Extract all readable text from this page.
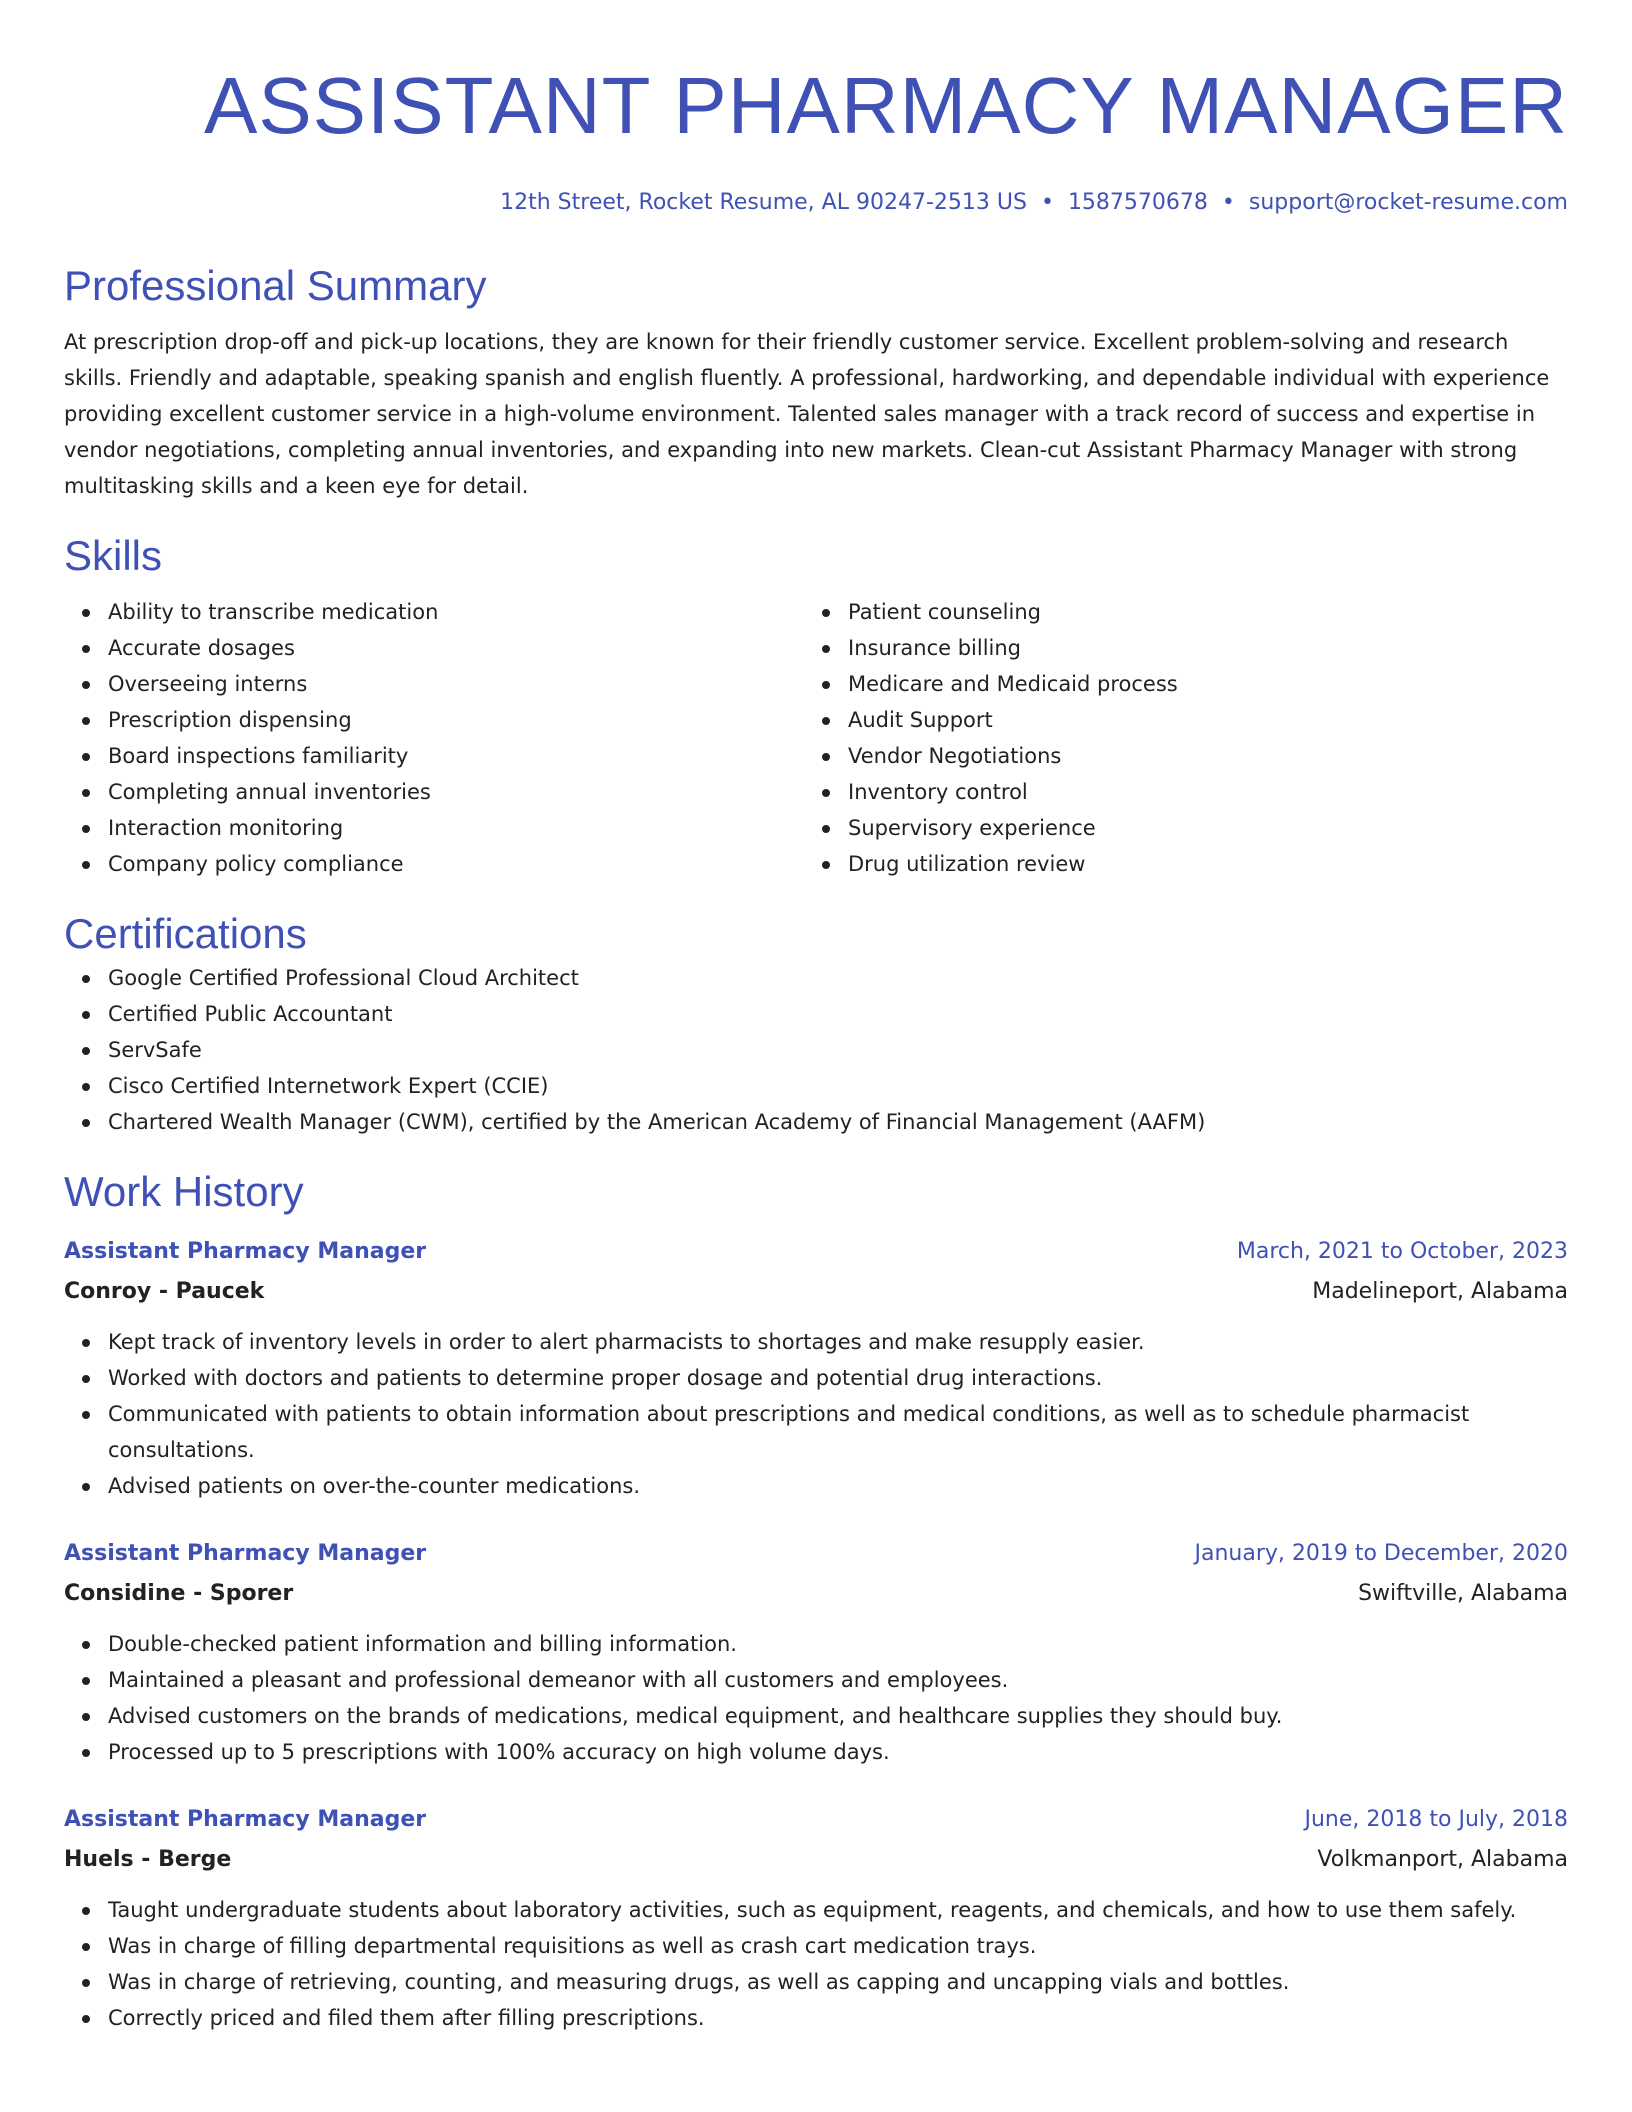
ASSISTANT PHARMACY MANAGER
12th Street, Rocket Resume, AL 90247-2513 US • 1587570678 • support@rocket-resume.com
Professional Summary

At prescription drop-off and pick-up locations, they are known for their friendly customer service. Excellent problem-solving and research skills. Friendly and adaptable, speaking spanish and english fluently. A professional, hardworking, and dependable individual with experience providing excellent customer service in a high-volume environment. Talented sales manager with a track record of success and expertise in vendor negotiations, completing annual inventories, and expanding into new markets. Clean-cut Assistant Pharmacy Manager with strong multitasking skills and a keen eye for detail.

Skills
Ability to transcribe medication
Accurate dosages
Overseeing interns
Prescription dispensing
Board inspections familiarity
Completing annual inventories
Interaction monitoring
Company policy compliance
Patient counseling
Insurance billing
Medicare and Medicaid process
Audit Support
Vendor Negotiations
Inventory control
Supervisory experience
Drug utilization review
Certifications
Google Certified Professional Cloud Architect
Certified Public Accountant
ServSafe
Cisco Certified Internetwork Expert (CCIE)
Chartered Wealth Manager (CWM), certified by the American Academy of Financial Management (AAFM)
Work History
Assistant Pharmacy Manager	March, 2021 to October, 2023
Conroy - Paucek	Madelineport, Alabama
Kept track of inventory levels in order to alert pharmacists to shortages and make resupply easier.
Worked with doctors and patients to determine proper dosage and potential drug interactions.
Communicated with patients to obtain information about prescriptions and medical conditions, as well as to schedule pharmacist consultations.
Advised patients on over-the-counter medications.
Assistant Pharmacy Manager	January, 2019 to December, 2020
Considine - Sporer	Swiftville, Alabama
Double-checked patient information and billing information.
Maintained a pleasant and professional demeanor with all customers and employees.
Advised customers on the brands of medications, medical equipment, and healthcare supplies they should buy.
Processed up to 5 prescriptions with 100% accuracy on high volume days.
Assistant Pharmacy Manager	June, 2018 to July, 2018
Huels - Berge	Volkmanport, Alabama
Taught undergraduate students about laboratory activities, such as equipment, reagents, and chemicals, and how to use them safely.
Was in charge of filling departmental requisitions as well as crash cart medication trays.
Was in charge of retrieving, counting, and measuring drugs, as well as capping and uncapping vials and bottles.
Correctly priced and filed them after filling prescriptions.
